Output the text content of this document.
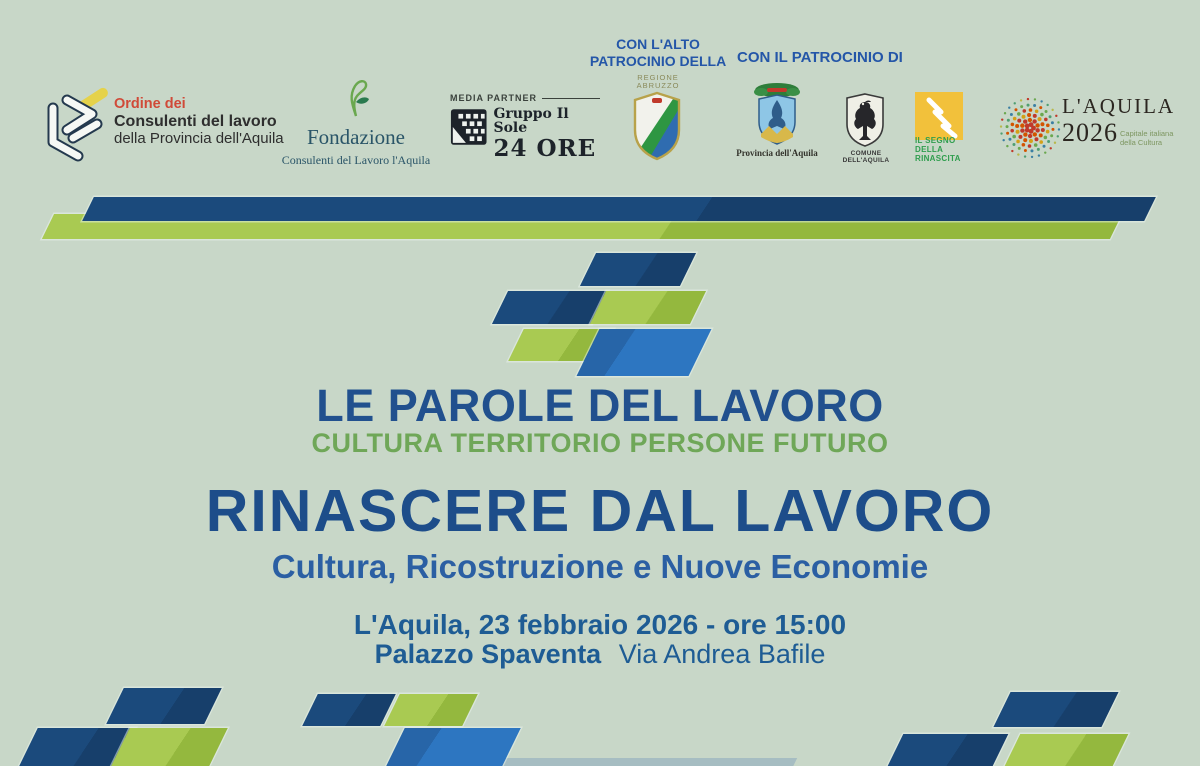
Ordine dei
Consulenti del lavoro
della Provincia dell'Aquila	Fondazione
Consulenti del Lavoro l'Aquila
MEDIA PARTNER
Gruppo Il Sole
24 ORE
CON L'ALTO
PATROCINIO DELLA
REGIONE
ABRUZZO
CON IL PATROCINIO DI
Provincia dell'Aquila	COMUNE DELL'AQUILA
IL SEGNO
DELLA
RINASCITA
L'AQUILA
2026 Capitale italiana
della Cultura
LE PAROLE DEL LAVORO
CULTURA TERRITORIO PERSONE FUTURO
RINASCERE DAL LAVORO
Cultura, Ricostruzione e Nuove Economie
L'Aquila, 23 febbraio 2026 - ore 15:00
Palazzo Spaventa Via Andrea Bafile
